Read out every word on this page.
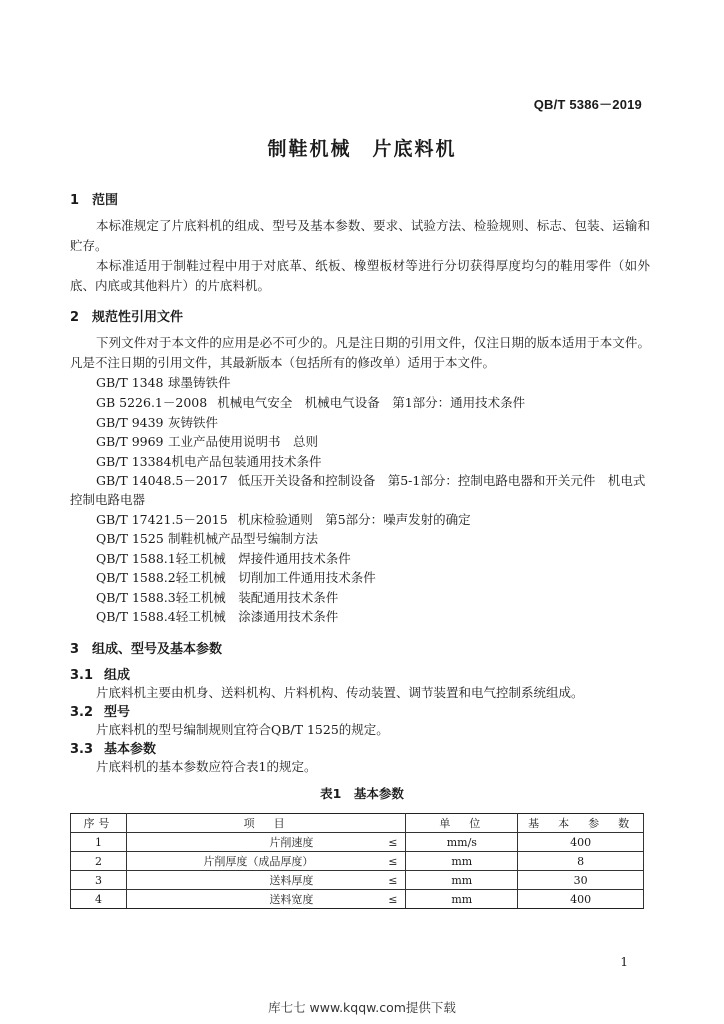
QB/T 5386－2019
制鞋机械　片底料机
1 范围
本标准规定了片底料机的组成、型号及基本参数、要求、试验方法、检验规则、标志、包装、运输和贮存。
本标准适用于制鞋过程中用于对底革、纸板、橡塑板材等进行分切获得厚度均匀的鞋用零件（如外底、内底或其他料片）的片底料机。
2 规范性引用文件
下列文件对于本文件的应用是必不可少的。凡是注日期的引用文件，仅注日期的版本适用于本文件。凡是不注日期的引用文件，其最新版本（包括所有的修改单）适用于本文件。
GB/T 1348 球墨铸铁件
GB 5226.1－2008 机械电气安全　机械电气设备　第1部分：通用技术条件
GB/T 9439 灰铸铁件
GB/T 9969 工业产品使用说明书　总则
GB/T 13384机电产品包装通用技术条件
GB/T 14048.5－2017 低压开关设备和控制设备　第5-1部分：控制电路电器和开关元件　机电式
控制电路电器
GB/T 17421.5－2015 机床检验通则　第5部分：噪声发射的确定
QB/T 1525 制鞋机械产品型号编制方法
QB/T 1588.1轻工机械　焊接件通用技术条件
QB/T 1588.2轻工机械　切削加工件通用技术条件
QB/T 1588.3轻工机械　装配通用技术条件
QB/T 1588.4轻工机械　涂漆通用技术条件
3 组成、型号及基本参数
3.1 组成
片底料机主要由机身、送料机构、片料机构、传动装置、调节装置和电气控制系统组成。
3.2 型号
片底料机的型号编制规则宜符合QB/T 1525的规定。
3.3 基本参数
片底料机的基本参数应符合表1的规定。
表1　基本参数
序号	项　目	单　位	基　本　参　数
1	片削速度 ≤	mm/s	400
2	片削厚度（成品厚度） ≤	mm	8
3	送料厚度 ≤	mm	30
4	送料宽度 ≤	mm	400
1
库七七 www.kqqw.com提供下载
